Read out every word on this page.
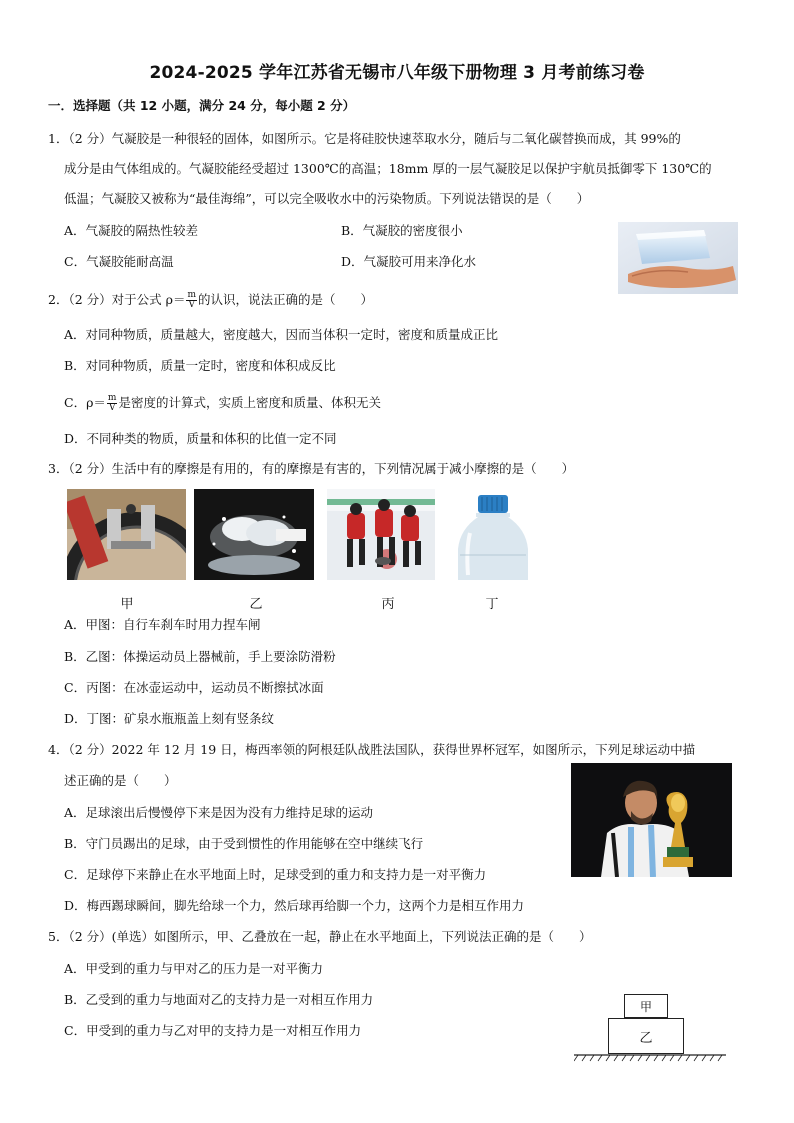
2024-2025 学年江苏省无锡市八年级下册物理 3 月考前练习卷
一．选择题（共 12 小题，满分 24 分，每小题 2 分）
1．（2 分）气凝胶是一种很轻的固体，如图所示。它是将硅胶快速萃取水分，随后与二氧化碳替换而成，其 99%的
成分是由气体组成的。气凝胶能经受超过 1300℃的高温；18mm 厚的一层气凝胶足以保护宇航员抵御零下 130℃的
低温；气凝胶又被称为“最佳海绵”，可以完全吸收水中的污染物质。下列说法错误的是（　　）
A．气凝胶的隔热性较差	B．气凝胶的密度很小
C．气凝胶能耐高温	D．气凝胶可用来净化水
2．（2 分）对于公式 $\rho= \frac{m}{V}$ 的认识，说法正确的是（　　）
A．对同种物质，质量越大，密度越大，因而当体积一定时，密度和质量成正比
B．对同种物质，质量一定时，密度和体积成反比
C．$\rho= \frac{m}{V}$ 是密度的计算式，实质上密度和质量、体积无关
D．不同种类的物质，质量和体积的比值一定不同
3．（2 分）生活中有的摩擦是有用的，有的摩擦是有害的，下列情况属于减小摩擦的是（　　）
甲	乙	丙	丁
A．甲图：自行车刹车时用力捏车闸
B．乙图：体操运动员上器械前，手上要涂防滑粉
C．丙图：在冰壶运动中，运动员不断擦拭冰面
D．丁图：矿泉水瓶瓶盖上刻有竖条纹
4．（2 分）2022 年 12 月 19 日，梅西率领的阿根廷队战胜法国队，获得世界杯冠军，如图所示，下列足球运动中描
述正确的是（　　）
A．足球滚出后慢慢停下来是因为没有力维持足球的运动
B．守门员踢出的足球，由于受到惯性的作用能够在空中继续飞行
C．足球停下来静止在水平地面上时，足球受到的重力和支持力是一对平衡力
D．梅西踢球瞬间，脚先给球一个力，然后球再给脚一个力，这两个力是相互作用力
5．（2 分）(单选）如图所示，甲、乙叠放在一起，静止在水平地面上，下列说法正确的是（　　）
A．甲受到的重力与甲对乙的压力是一对平衡力
B．乙受到的重力与地面对乙的支持力是一对相互作用力
C．甲受到的重力与乙对甲的支持力是一对相互作用力	乙
甲
